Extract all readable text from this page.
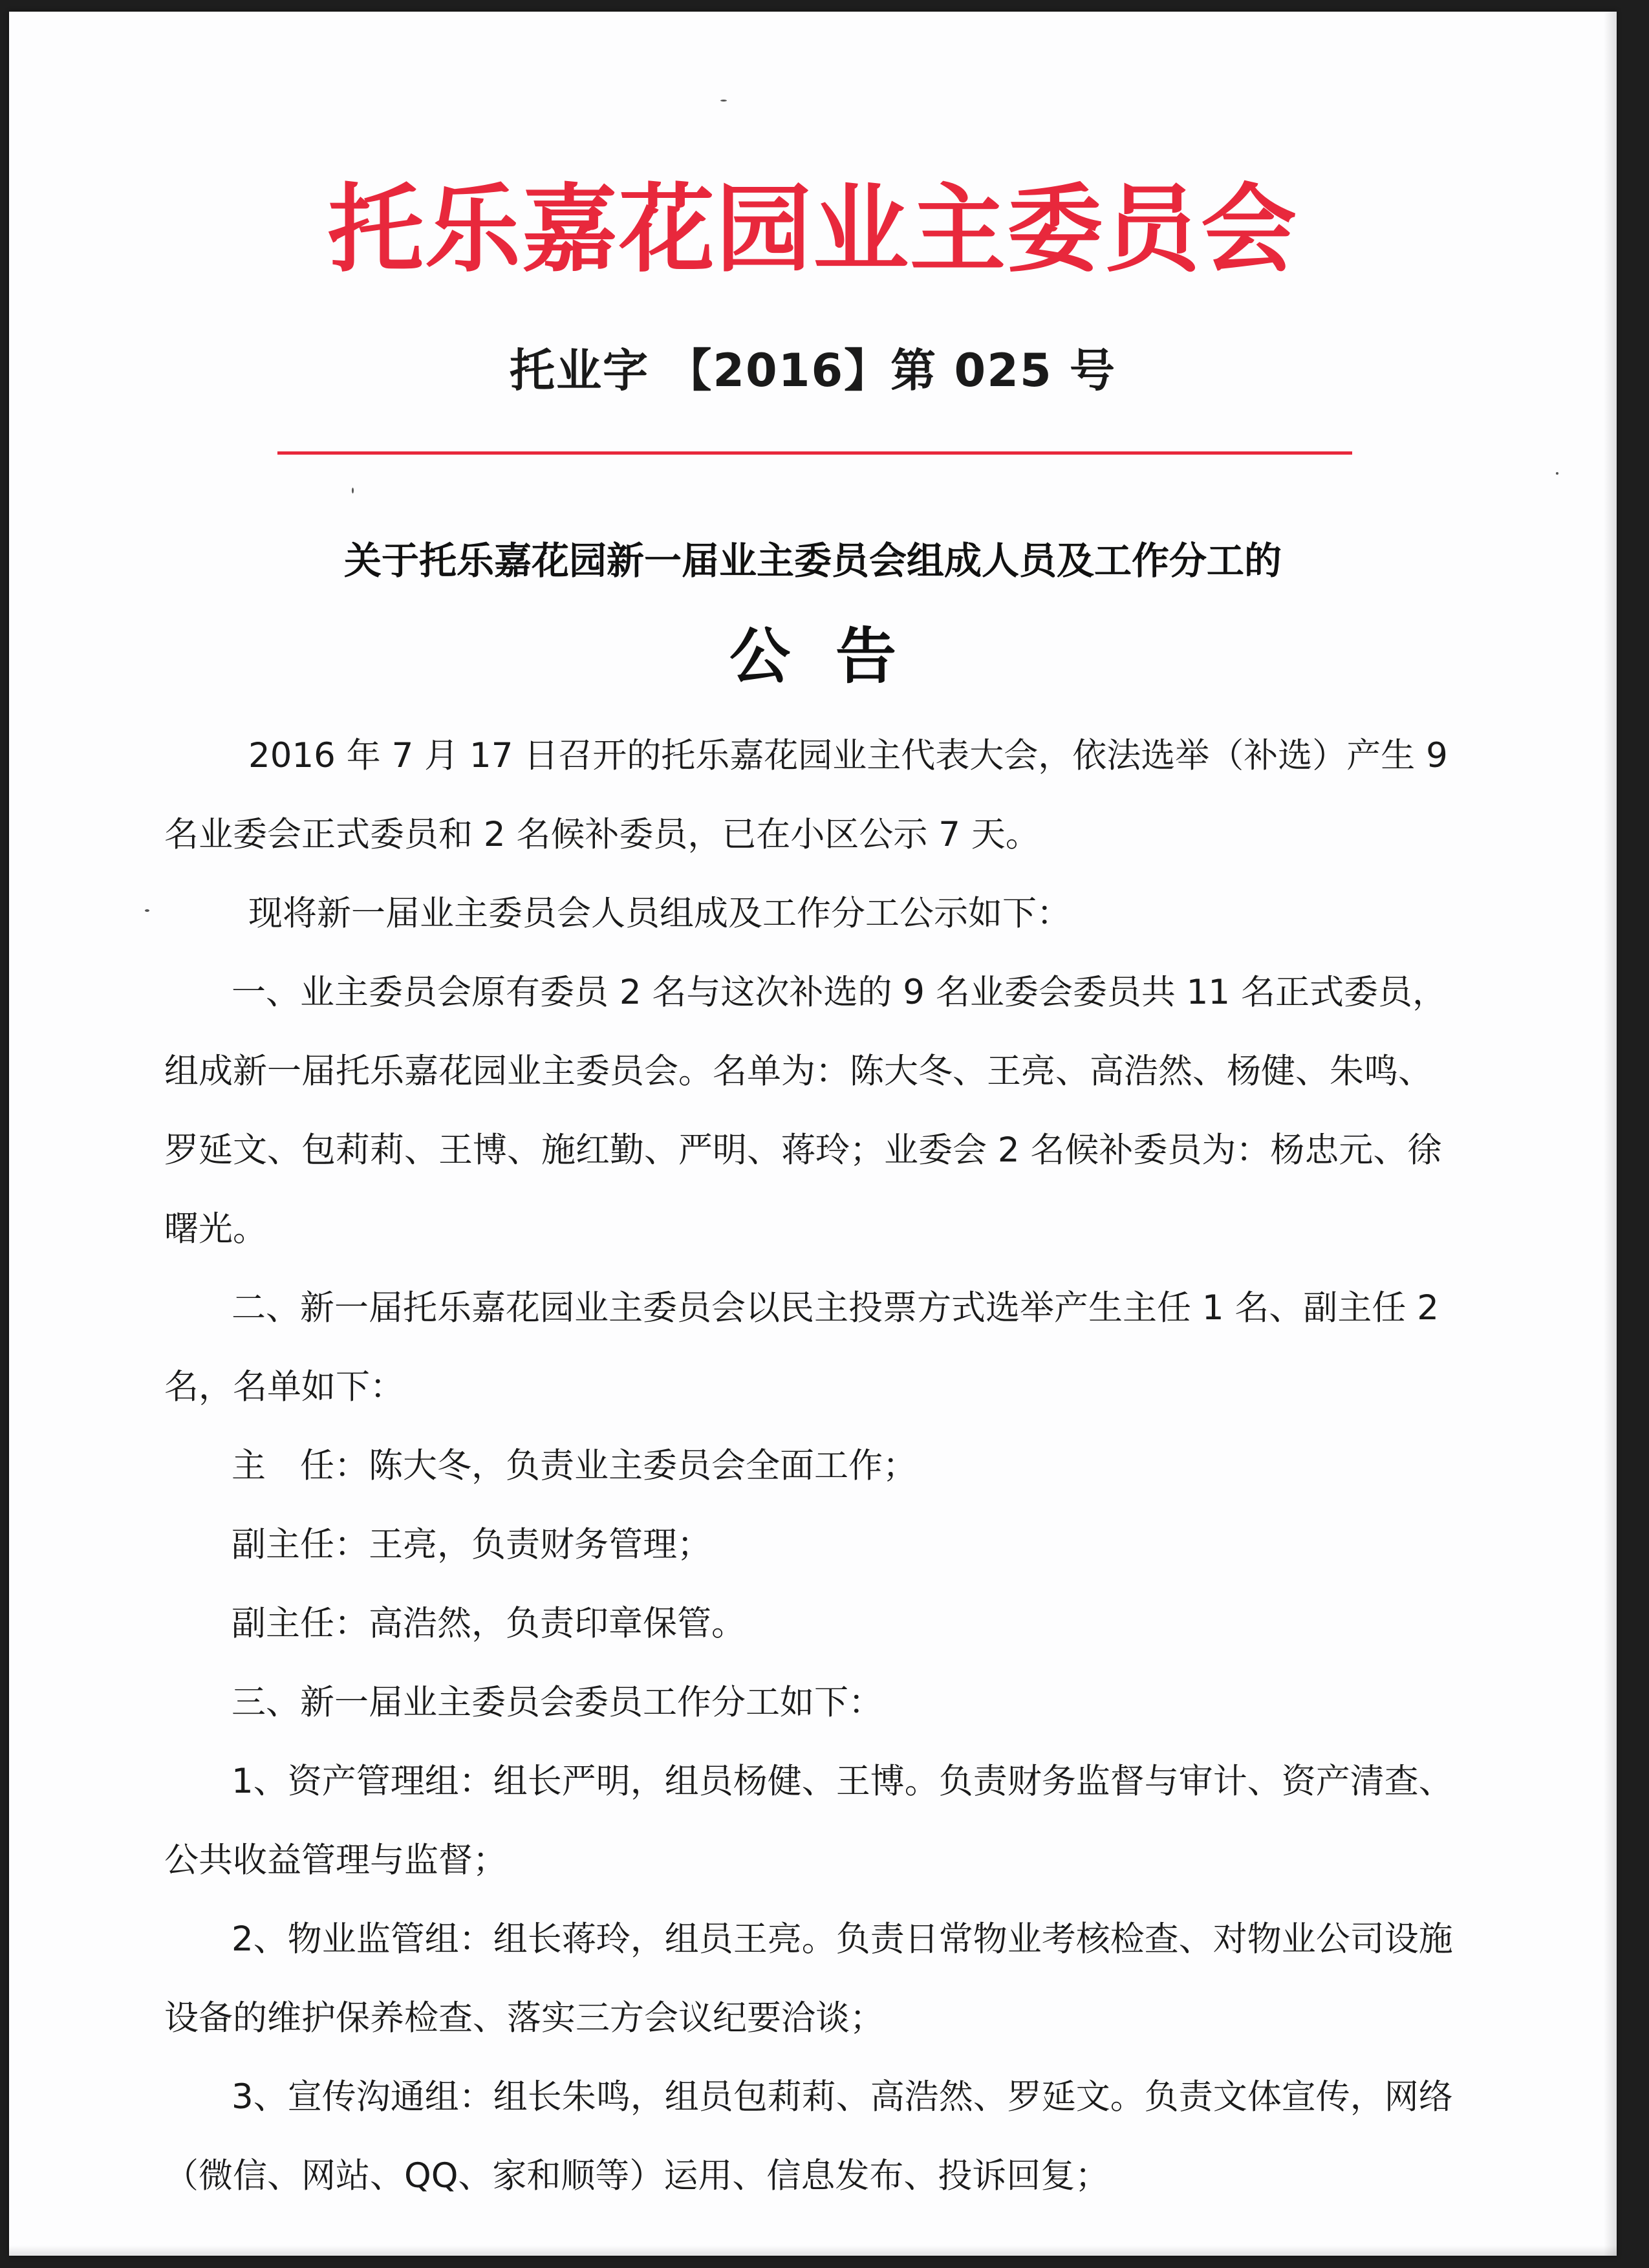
托乐嘉花园业主委员会
托业字 【2016】第 025 号
关于托乐嘉花园新一届业主委员会组成人员及工作分工的
公告

2016 年 7 月 17 日召开的托乐嘉花园业主代表大会，依法选举（补选）产生 9 名业委会正式委员和 2 名候补委员，已在小区公示 7 天。

现将新一届业主委员会人员组成及工作分工公示如下：

一、业主委员会原有委员 2 名与这次补选的 9 名业委会委员共 11 名正式委员，组成新一届托乐嘉花园业主委员会。名单为：陈大冬、王亮、高浩然、杨健、朱鸣、罗延文、包莉莉、王博、施红勤、严明、蒋玲；业委会 2 名候补委员为：杨忠元、徐曙光。

二、新一届托乐嘉花园业主委员会以民主投票方式选举产生主任 1 名、副主任 2 名，名单如下：

主　任：陈大冬，负责业主委员会全面工作；

副主任：王亮，负责财务管理；

副主任：高浩然，负责印章保管。

三、新一届业主委员会委员工作分工如下：

1、资产管理组：组长严明，组员杨健、王博。负责财务监督与审计、资产清查、公共收益管理与监督；

2、物业监管组：组长蒋玲，组员王亮。负责日常物业考核检查、对物业公司设施设备的维护保养检查、落实三方会议纪要洽谈；

3、宣传沟通组：组长朱鸣，组员包莉莉、高浩然、罗延文。负责文体宣传，网络（微信、网站、QQ、家和顺等）运用、信息发布、投诉回复；
